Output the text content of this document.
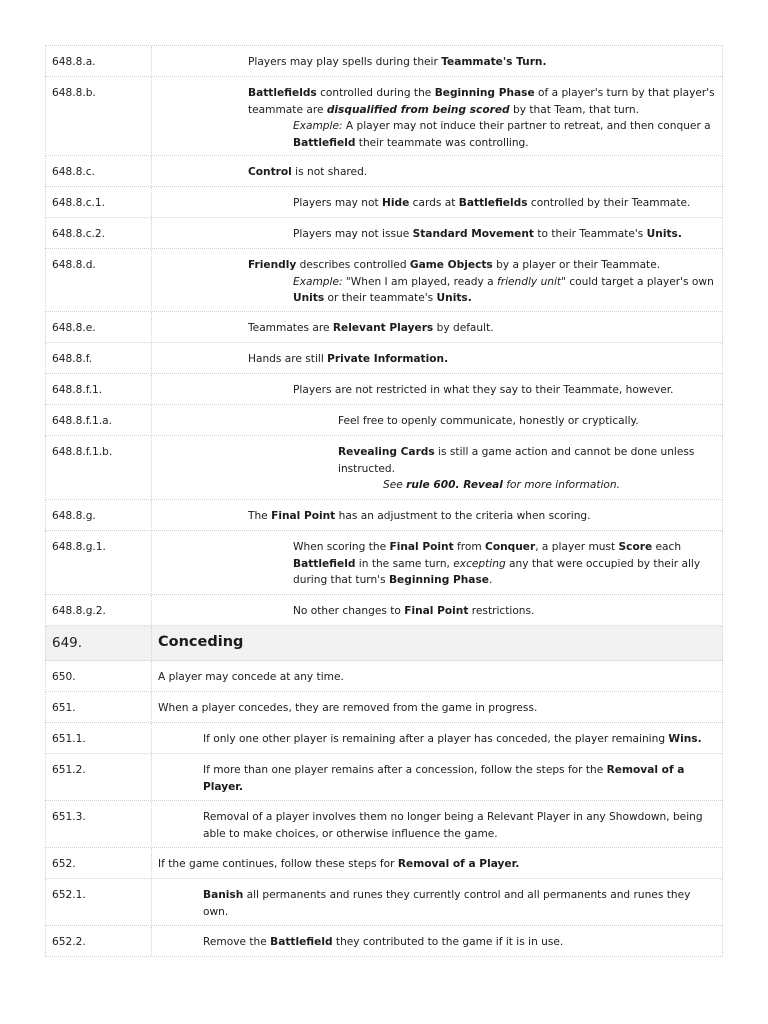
648.8.a.	Players may play spells during their Teammate's Turn.

648.8.b.	Battlefields controlled during the Beginning Phase of a player's turn by that player's teammate are disqualified from being scored by that Team, that turn.

Example: A player may not induce their partner to retreat, and then conquer a Battlefield their teammate was controlling.

648.8.c.	Control is not shared.

648.8.c.1.	Players may not Hide cards at Battlefields controlled by their Teammate.

648.8.c.2.	Players may not issue Standard Movement to their Teammate's Units.

648.8.d.	Friendly describes controlled Game Objects by a player or their Teammate.

Example: "When I am played, ready a friendly unit" could target a player's own Units or their teammate's Units.

648.8.e.	Teammates are Relevant Players by default.

648.8.f.	Hands are still Private Information.

648.8.f.1.	Players are not restricted in what they say to their Teammate, however.

648.8.f.1.a.	Feel free to openly communicate, honestly or cryptically.

648.8.f.1.b.	Revealing Cards is still a game action and cannot be done unless instructed.

See rule 600. Reveal for more information.

648.8.g.	The Final Point has an adjustment to the criteria when scoring.

648.8.g.1.	When scoring the Final Point from Conquer, a player must Score each Battlefield in the same turn, excepting any that were occupied by their ally during that turn's Beginning Phase.

648.8.g.2.	No other changes to Final Point restrictions.

649.	Conceding

650.	A player may concede at any time.

651.	When a player concedes, they are removed from the game in progress.

651.1.	If only one other player is remaining after a player has conceded, the player remaining Wins.

651.2.	If more than one player remains after a concession, follow the steps for the Removal of a Player.

651.3.	Removal of a player involves them no longer being a Relevant Player in any Showdown, being able to make choices, or otherwise influence the game.

652.	If the game continues, follow these steps for Removal of a Player.

652.1.	Banish all permanents and runes they currently control and all permanents and runes they own.

652.2.	Remove the Battlefield they contributed to the game if it is in use.
